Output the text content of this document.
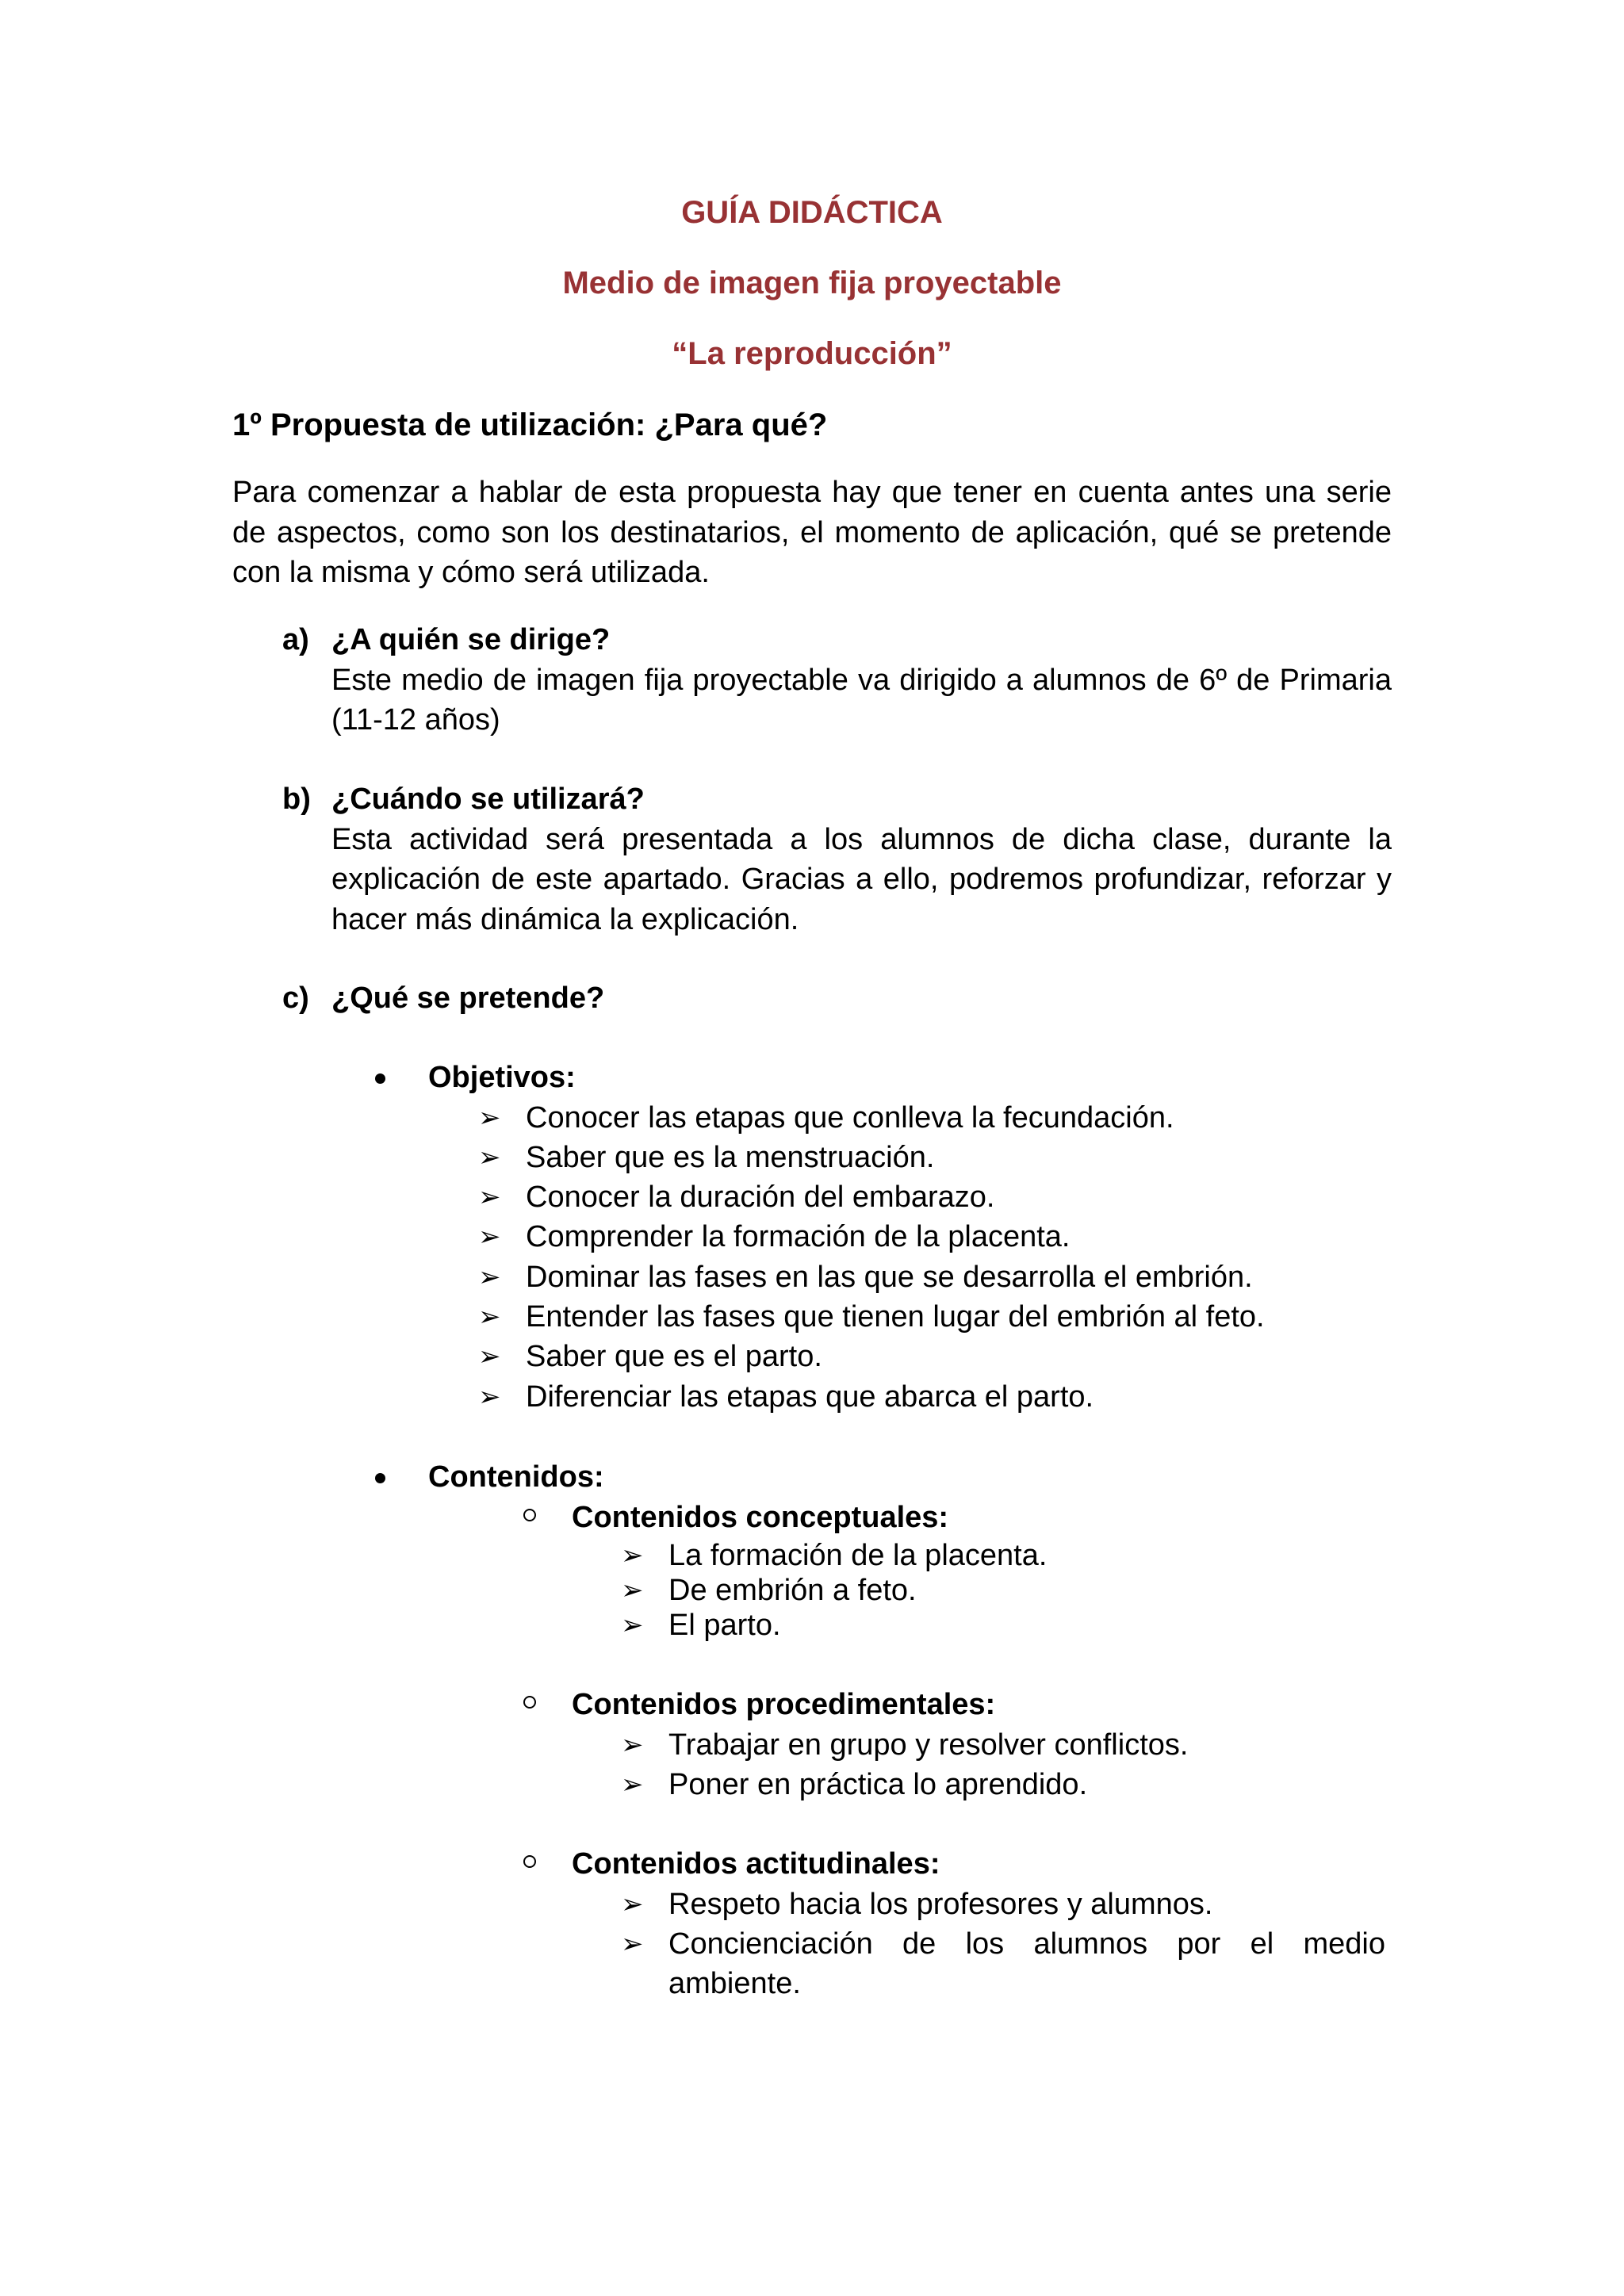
GUÍA DIDÁCTICA
Medio de imagen fija proyectable
“La reproducción”
1º Propuesta de utilización: ¿Para qué?

Para comenzar a hablar de esta propuesta hay que tener en cuenta antes una serie de aspectos, como son los destinatarios, el momento de aplicación, qué se pretende con la misma y cómo será utilizada.

a) ¿A quién se dirige?
Este medio de imagen fija proyectable va dirigido a alumnos de 6º de Primaria (11-12 años)
b) ¿Cuándo se utilizará?
Esta actividad será presentada a los alumnos de dicha clase, durante la explicación de este apartado. Gracias a ello, podremos profundizar, reforzar y hacer más dinámica la explicación.
c) ¿Qué se pretende?
Objetivos:
➢ Conocer las etapas que conlleva la fecundación.
➢ Saber que es la menstruación.
➢ Conocer la duración del embarazo.
➢ Comprender la formación de la placenta.
➢ Dominar las fases en las que se desarrolla el embrión.
➢ Entender las fases que tienen lugar del embrión al feto.
➢ Saber que es el parto.
➢ Diferenciar las etapas que abarca el parto.
Contenidos:
Contenidos conceptuales:
➢ La formación de la placenta.
➢ De embrión a feto.
➢ El parto.
Contenidos procedimentales:
➢ Trabajar en grupo y resolver conflictos.
➢ Poner en práctica lo aprendido.
Contenidos actitudinales:
➢ Respeto hacia los profesores y alumnos.
➢ Concienciación de los alumnos por el medio
ambiente.
